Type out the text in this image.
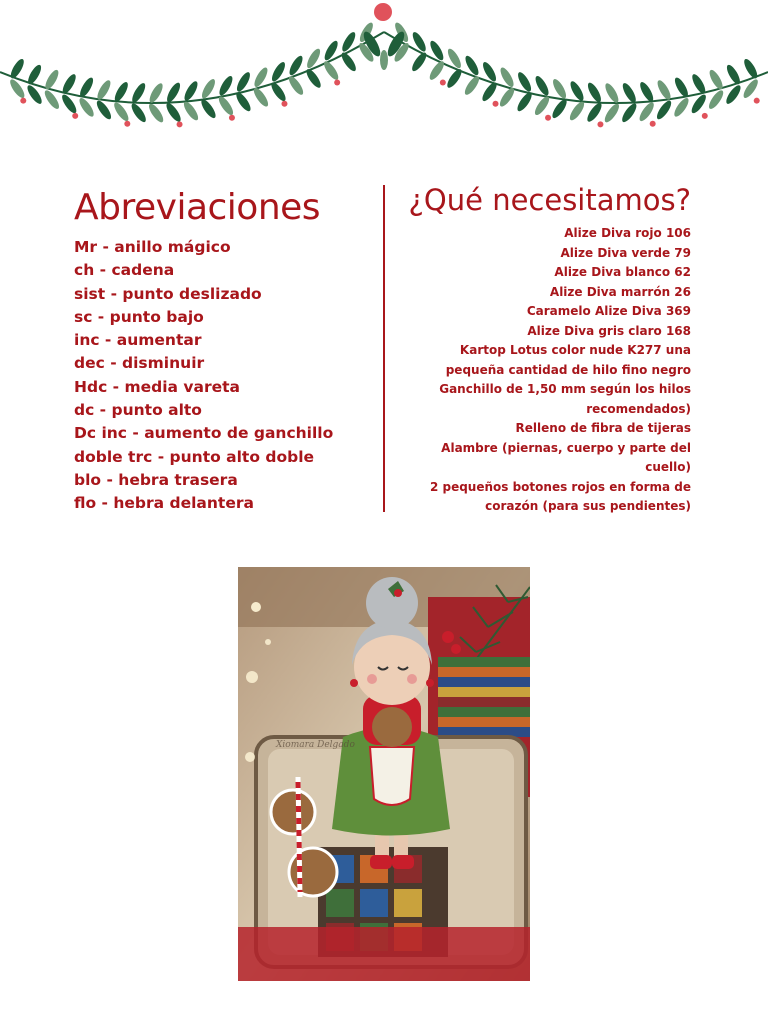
Abreviaciones
Mr - anillo mágico
ch - cadena
sist - punto deslizado
sc - punto bajo
inc - aumentar
dec - disminuir
Hdc - media vareta
dc - punto alto
Dc inc - aumento de ganchillo
doble trc - punto alto doble
blo - hebra trasera
flo - hebra delantera
¿Qué necesitamos?
Alize Diva rojo 106
Alize Diva verde 79
Alize Diva blanco 62
Alize Diva marrón 26
Caramelo Alize Diva 369
Alize Diva gris claro 168
Kartop Lotus color nude K277 una pequeña cantidad de hilo fino negro
Ganchillo de 1,50 mm según los hilos recomendados)
Relleno de fibra de tijeras
Alambre (piernas, cuerpo y parte del cuello)
2 pequeños botones rojos en forma de corazón (para sus pendientes)
Xiomara Delgado
